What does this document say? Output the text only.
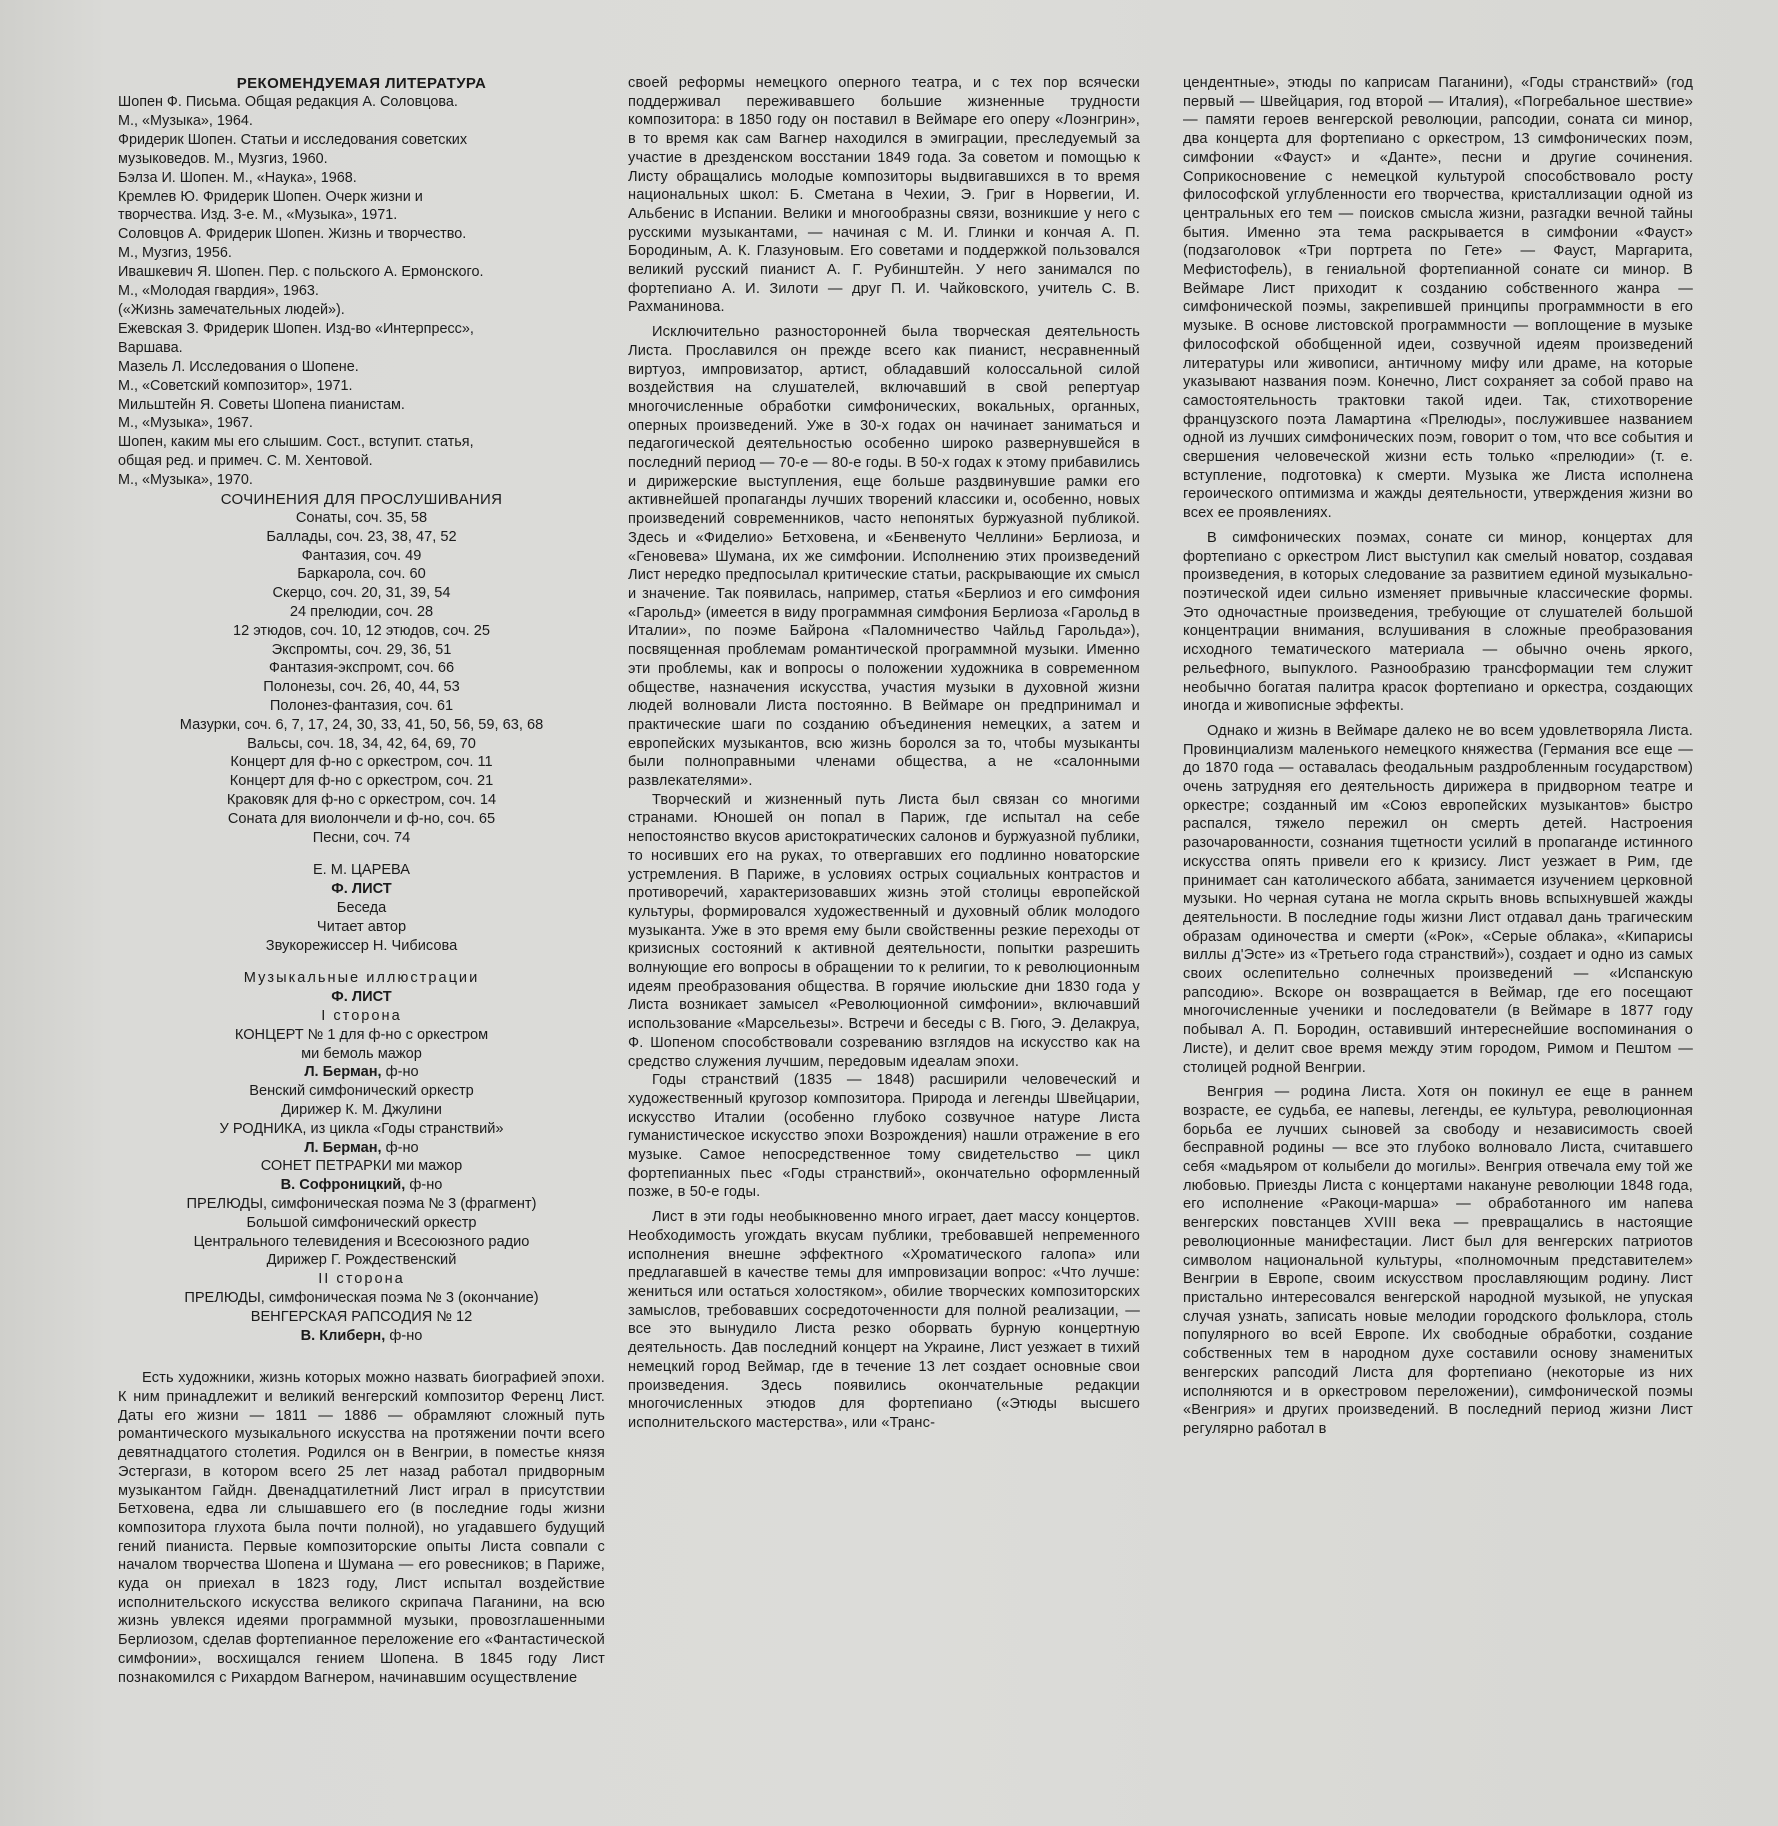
РЕКОМЕНДУЕМАЯ ЛИТЕРАТУРА

Шопен Ф. Письма. Общая редакция А. Соловцова.

М., «Музыка», 1964.

Фридерик Шопен. Статьи и исследования советских

музыковедов. М., Музгиз, 1960.

Бэлза И. Шопен. М., «Наука», 1968.

Кремлев Ю. Фридерик Шопен. Очерк жизни и

творчества. Изд. 3-е. М., «Музыка», 1971.

Соловцов А. Фридерик Шопен. Жизнь и творчество.

М., Музгиз, 1956.

Ивашкевич Я. Шопен. Пер. с польского А. Ермонского.

М., «Молодая гвардия», 1963.

(«Жизнь замечательных людей»).

Ежевская З. Фридерик Шопен. Изд-во «Интерпресс»,

Варшава.

Мазель Л. Исследования о Шопене.

М., «Советский композитор», 1971.

Мильштейн Я. Советы Шопена пианистам.

М., «Музыка», 1967.

Шопен, каким мы его слышим. Сост., вступит. статья,

общая ред. и примеч. С. М. Хентовой.

М., «Музыка», 1970.

СОЧИНЕНИЯ ДЛЯ ПРОСЛУШИВАНИЯ

Сонаты, соч. 35, 58

Баллады, соч. 23, 38, 47, 52

Фантазия, соч. 49

Баркарола, соч. 60

Скерцо, соч. 20, 31, 39, 54

24 прелюдии, соч. 28

12 этюдов, соч. 10, 12 этюдов, соч. 25

Экспромты, соч. 29, 36, 51

Фантазия-экспромт, соч. 66

Полонезы, соч. 26, 40, 44, 53

Полонез-фантазия, соч. 61

Мазурки, соч. 6, 7, 17, 24, 30, 33, 41, 50, 56, 59, 63, 68

Вальсы, соч. 18, 34, 42, 64, 69, 70

Концерт для ф-но с оркестром, соч. 11

Концерт для ф-но с оркестром, соч. 21

Краковяк для ф-но с оркестром, соч. 14

Соната для виолончели и ф-но, соч. 65

Песни, соч. 74

Е. М. ЦАРЕВА

Ф. ЛИСТ

Беседа

Читает автор

Звукорежиссер Н. Чибисова

Музыкальные иллюстрации

Ф. ЛИСТ

I сторона

КОНЦЕРТ № 1 для ф-но с оркестром

ми бемоль мажор

Л. Берман, ф-но

Венский симфонический оркестр

Дирижер К. М. Джулини

У РОДНИКА, из цикла «Годы странствий»

Л. Берман, ф-но

СОНЕТ ПЕТРАРКИ ми мажор

В. Софроницкий, ф-но

ПРЕЛЮДЫ, симфоническая поэма № 3 (фрагмент)

Большой симфонический оркестр

Центрального телевидения и Всесоюзного радио

Дирижер Г. Рождественский

II сторона

ПРЕЛЮДЫ, симфоническая поэма № 3 (окончание)

ВЕНГЕРСКАЯ РАПСОДИЯ № 12

В. Клиберн, ф-но

Есть художники, жизнь которых можно назвать биографией эпохи. К ним принадлежит и великий венгерский композитор Ференц Лист. Даты его жизни — 1811 — 1886 — обрамляют сложный путь романтического музыкального искусства на протяжении почти всего девятнадцатого столетия. Родился он в Венгрии, в поместье князя Эстергази, в котором всего 25 лет назад работал придворным музыкантом Гайдн. Двенадцатилетний Лист играл в присутствии Бетховена, едва ли слышавшего его (в последние годы жизни композитора глухота была почти полной), но угадавшего будущий гений пианиста. Первые композиторские опыты Листа совпали с началом творчества Шопена и Шумана — его ровесников; в Париже, куда он приехал в 1823 году, Лист испытал воздействие исполнительского искусства великого скрипача Паганини, на всю жизнь увлекся идеями программной музыки, провозглашенными Берлиозом, сделав фортепианное переложение его «Фантастической симфонии», восхищался гением Шопена. В 1845 году Лист познакомился с Рихардом Вагнером, начинавшим осуществление

своей реформы немецкого оперного театра, и с тех пор всячески поддерживал переживавшего большие жизненные трудности композитора: в 1850 году он поставил в Веймаре его оперу «Лоэнгрин», в то время как сам Вагнер находился в эмиграции, преследуемый за участие в дрезденском восстании 1849 года. За советом и помощью к Листу обращались молодые композиторы выдвигавшихся в то время национальных школ: Б. Сметана в Чехии, Э. Григ в Норвегии, И. Альбенис в Испании. Велики и многообразны связи, возникшие у него с русскими музыкантами, — начиная с М. И. Глинки и кончая А. П. Бородиным, А. К. Глазуновым. Его советами и поддержкой пользовался великий русский пианист А. Г. Рубинштейн. У него занимался по фортепиано А. И. Зилоти — друг П. И. Чайковского, учитель С. В. Рахманинова.

Исключительно разносторонней была творческая деятельность Листа. Прославился он прежде всего как пианист, несравненный виртуоз, импровизатор, артист, обладавший колоссальной силой воздействия на слушателей, включавший в свой репертуар многочисленные обработки симфонических, вокальных, органных, оперных произведений. Уже в 30-х годах он начинает заниматься и педагогической деятельностью особенно широко развернувшейся в последний период — 70-е — 80-е годы. В 50-х годах к этому прибавились и дирижерские выступления, еще больше раздвинувшие рамки его активнейшей пропаганды лучших творений классики и, особенно, новых произведений современников, часто непонятых буржуазной публикой. Здесь и «Фиделио» Бетховена, и «Бенвенуто Челлини» Берлиоза, и «Геновева» Шумана, их же симфонии. Исполнению этих произведений Лист нередко предпосылал критические статьи, раскрывающие их смысл и значение. Так появилась, например, статья «Берлиоз и его симфония «Гарольд» (имеется в виду программная симфония Берлиоза «Гарольд в Италии», по поэме Байрона «Паломничество Чайльд Гарольда»), посвященная проблемам романтической программной музыки. Именно эти проблемы, как и вопросы о положении художника в современном обществе, назначения искусства, участия музыки в духовной жизни людей волновали Листа постоянно. В Веймаре он предпринимал и практические шаги по созданию объединения немецких, а затем и европейских музыкантов, всю жизнь боролся за то, чтобы музыканты были полноправными членами общества, а не «салонными развлекателями».

Творческий и жизненный путь Листа был связан со многими странами. Юношей он попал в Париж, где испытал на себе непостоянство вкусов аристократических салонов и буржуазной публики, то носивших его на руках, то отвергавших его подлинно новаторские устремления. В Париже, в условиях острых социальных контрастов и противоречий, характеризовавших жизнь этой столицы европейской культуры, формировался художественный и духовный облик молодого музыканта. Уже в это время ему были свойственны резкие переходы от кризисных состояний к активной деятельности, попытки разрешить волнующие его вопросы в обращении то к религии, то к революционным идеям преобразования общества. В горячие июльские дни 1830 года у Листа возникает замысел «Революционной симфонии», включавший использование «Марсельезы». Встречи и беседы с В. Гюго, Э. Делакруа, Ф. Шопеном способствовали созреванию взглядов на искусство как на средство служения лучшим, передовым идеалам эпохи.

Годы странствий (1835 — 1848) расширили человеческий и художественный кругозор композитора. Природа и легенды Швейцарии, искусство Италии (особенно глубоко созвучное натуре Листа гуманистическое искусство эпохи Возрождения) нашли отражение в его музыке. Самое непосредственное тому свидетельство — цикл фортепианных пьес «Годы странствий», окончательно оформленный позже, в 50-е годы.

Лист в эти годы необыкновенно много играет, дает массу концертов. Необходимость угождать вкусам публики, требовавшей непременного исполнения внешне эффектного «Хроматического галопа» или предлагавшей в качестве темы для импровизации вопрос: «Что лучше: жениться или остаться холостяком», обилие творческих композиторских замыслов, требовавших сосредоточенности для полной реализации, — все это вынудило Листа резко оборвать бурную концертную деятельность. Дав последний концерт на Украине, Лист уезжает в тихий немецкий город Веймар, где в течение 13 лет создает основные свои произведения. Здесь появились окончательные редакции многочисленных этюдов для фортепиано («Этюды высшего исполнительского мастерства», или «Транс-

цендентные», этюды по каприсам Паганини), «Годы странствий» (год первый — Швейцария, год второй — Италия), «Погребальное шествие» — памяти героев венгерской революции, рапсодии, соната си минор, два концерта для фортепиано с оркестром, 13 симфонических поэм, симфонии «Фауст» и «Данте», песни и другие сочинения. Соприкосновение с немецкой культурой способствовало росту философской углубленности его творчества, кристаллизации одной из центральных его тем — поисков смысла жизни, разгадки вечной тайны бытия. Именно эта тема раскрывается в симфонии «Фауст» (подзаголовок «Три портрета по Гете» — Фауст, Маргарита, Мефистофель), в гениальной фортепианной сонате си минор. В Веймаре Лист приходит к созданию собственного жанра — симфонической поэмы, закрепившей принципы программности в его музыке. В основе листовской программности — воплощение в музыке философской обобщенной идеи, созвучной идеям произведений литературы или живописи, античному мифу или драме, на которые указывают названия поэм. Конечно, Лист сохраняет за собой право на самостоятельность трактовки такой идеи. Так, стихотворение французского поэта Ламартина «Прелюды», послужившее названием одной из лучших симфонических поэм, говорит о том, что все события и свершения человеческой жизни есть только «прелюдии» (т. е. вступление, подготовка) к смерти. Музыка же Листа исполнена героического оптимизма и жажды деятельности, утверждения жизни во всех ее проявлениях.

В симфонических поэмах, сонате си минор, концертах для фортепиано с оркестром Лист выступил как смелый новатор, создавая произведения, в которых следование за развитием единой музыкально-поэтической идеи сильно изменяет привычные классические формы. Это одночастные произведения, требующие от слушателей большой концентрации внимания, вслушивания в сложные преобразования исходного тематического материала — обычно очень яркого, рельефного, выпуклого. Разнообразию трансформации тем служит необычно богатая палитра красок фортепиано и оркестра, создающих иногда и живописные эффекты.

Однако и жизнь в Веймаре далеко не во всем удовлетворяла Листа. Провинциализм маленького немецкого княжества (Германия все еще — до 1870 года — оставалась феодальным раздробленным государством) очень затрудняя его деятельность дирижера в придворном театре и оркестре; созданный им «Союз европейских музыкантов» быстро распался, тяжело пережил он смерть детей. Настроения разочарованности, сознания тщетности усилий в пропаганде истинного искусства опять привели его к кризису. Лист уезжает в Рим, где принимает сан католического аббата, занимается изучением церковной музыки. Но черная сутана не могла скрыть вновь вспыхнувшей жажды деятельности. В последние годы жизни Лист отдавал дань трагическим образам одиночества и смерти («Рок», «Серые облака», «Кипарисы виллы д'Эсте» из «Третьего года странствий»), создает и одно из самых своих ослепительно солнечных произведений — «Испанскую рапсодию». Вскоре он возвращается в Веймар, где его посещают многочисленные ученики и последователи (в Веймаре в 1877 году побывал А. П. Бородин, оставивший интереснейшие воспоминания о Листе), и делит свое время между этим городом, Римом и Пештом — столицей родной Венгрии.

Венгрия — родина Листа. Хотя он покинул ее еще в раннем возрасте, ее судьба, ее напевы, легенды, ее культура, революционная борьба ее лучших сыновей за свободу и независимость своей бесправной родины — все это глубоко волновало Листа, считавшего себя «мадьяром от колыбели до могилы». Венгрия отвечала ему той же любовью. Приезды Листа с концертами накануне революции 1848 года, его исполнение «Ракоци-марша» — обработанного им напева венгерских повстанцев XVIII века — превращались в настоящие революционные манифестации. Лист был для венгерских патриотов символом национальной культуры, «полномочным представителем» Венгрии в Европе, своим искусством прославляющим родину. Лист пристально интересовался венгерской народной музыкой, не упуская случая узнать, записать новые мелодии городского фольклора, столь популярного во всей Европе. Их свободные обработки, создание собственных тем в народном духе составили основу знаменитых венгерских рапсодий Листа для фортепиано (некоторые из них исполняются и в оркестровом переложении), симфонической поэмы «Венгрия» и других произведений. В последний период жизни Лист регулярно работал в
